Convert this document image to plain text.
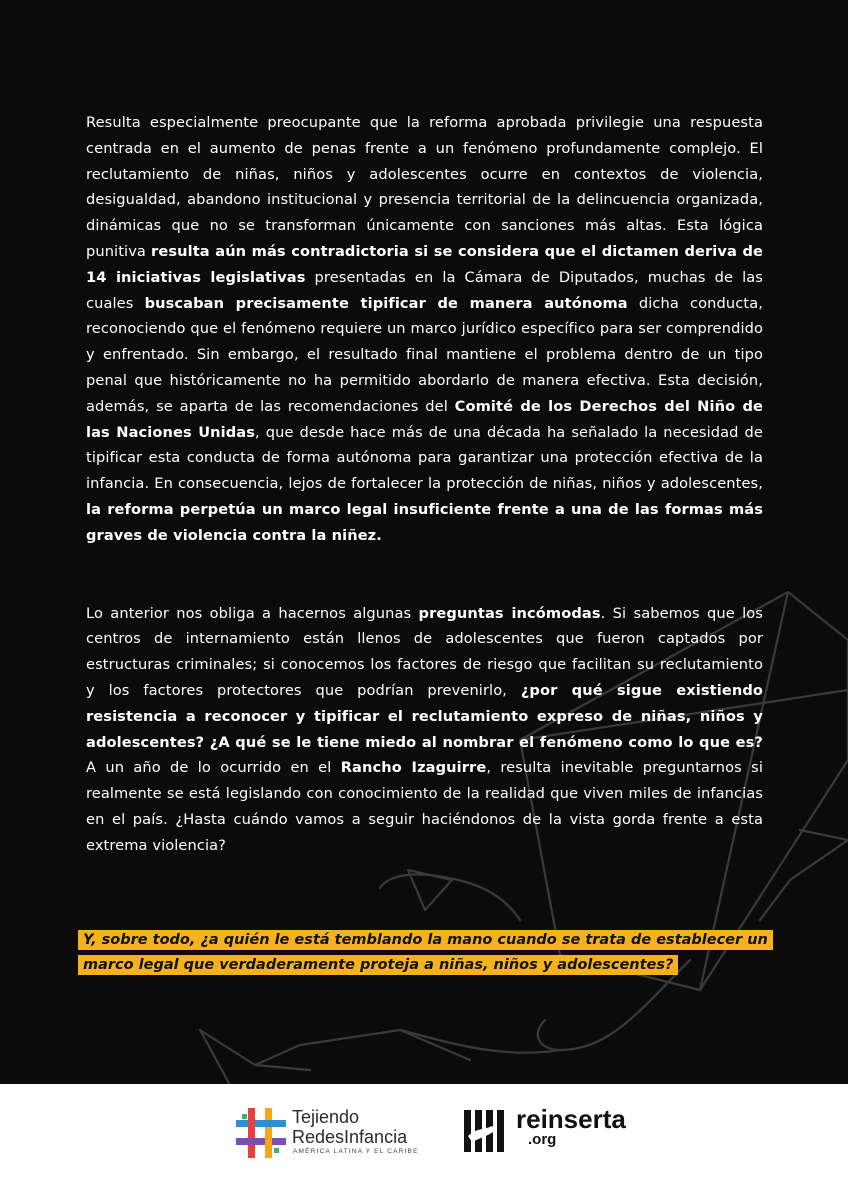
Resulta especialmente preocupante que la reforma aprobada privilegie una respuesta centrada en el aumento de penas frente a un fenómeno profundamente complejo. El reclutamiento de niñas, niños y adolescentes ocurre en contextos de violencia, desigualdad, abandono institucional y presencia territorial de la delincuencia organizada, dinámicas que no se transforman únicamente con sanciones más altas. Esta lógica punitiva resulta aún más contradictoria si se considera que el dictamen deriva de 14 iniciativas legislativas presentadas en la Cámara de Diputados, muchas de las cuales buscaban precisamente tipificar de manera autónoma dicha conducta, reconociendo que el fenómeno requiere un marco jurídico específico para ser comprendido y enfrentado. Sin embargo, el resultado final mantiene el problema dentro de un tipo penal que históricamente no ha permitido abordarlo de manera efectiva. Esta decisión, además, se aparta de las recomendaciones del Comité de los Derechos del Niño de las Naciones Unidas, que desde hace más de una década ha señalado la necesidad de tipificar esta conducta de forma autónoma para garantizar una protección efectiva de la infancia. En consecuencia, lejos de fortalecer la protección de niñas, niños y adolescentes, la reforma perpetúa un marco legal insuficiente frente a una de las formas más graves de violencia contra la niñez.

Lo anterior nos obliga a hacernos algunas preguntas incómodas. Si sabemos que los centros de internamiento están llenos de adolescentes que fueron captados por estructuras criminales; si conocemos los factores de riesgo que facilitan su reclutamiento y los factores protectores que podrían prevenirlo, ¿por qué sigue existiendo resistencia a reconocer y tipificar el reclutamiento expreso de niñas, niños y adolescentes? ¿A qué se le tiene miedo al nombrar el fenómeno como lo que es? A un año de lo ocurrido en el Rancho Izaguirre, resulta inevitable preguntarnos si realmente se está legislando con conocimiento de la realidad que viven miles de infancias en el país. ¿Hasta cuándo vamos a seguir haciéndonos de la vista gorda frente a esta extrema violencia?

Y, sobre todo, ¿a quién le está temblando la mano cuando se trata de establecer un
marco legal que verdaderamente proteja a niñas, niños y adolescentes?
Tejiendo
RedesInfancia
AMÉRICA LATINA Y EL CARIBE
reinserta
.org
